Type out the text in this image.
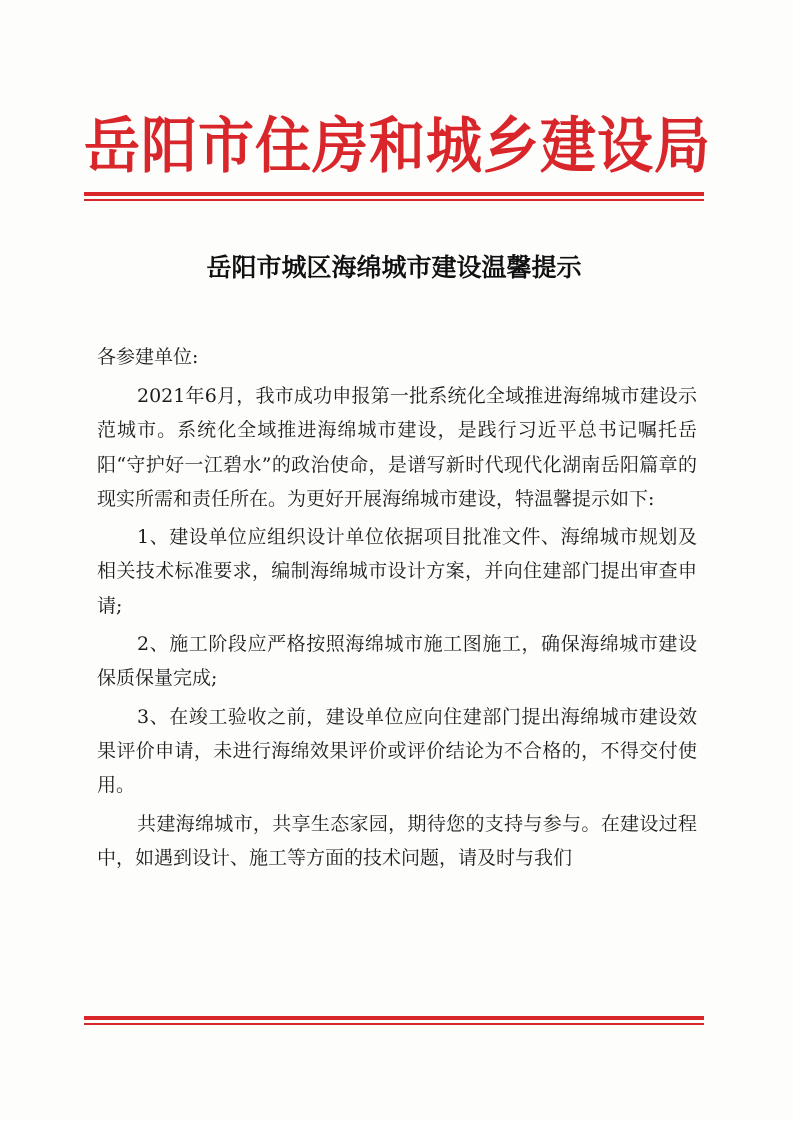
岳阳市住房和城乡建设局
岳阳市城区海绵城市建设温馨提示

各参建单位:

2021年6月，我市成功申报第一批系统化全域推进海绵城市建设示范城市。系统化全域推进海绵城市建设，是践行习近平总书记嘱托岳阳“守护好一江碧水”的政治使命，是谱写新时代现代化湖南岳阳篇章的现实所需和责任所在。为更好开展海绵城市建设，特温馨提示如下:

1、建设单位应组织设计单位依据项目批准文件、海绵城市规划及相关技术标准要求，编制海绵城市设计方案，并向住建部门提出审查申请;

2、施工阶段应严格按照海绵城市施工图施工，确保海绵城市建设保质保量完成;

3、在竣工验收之前，建设单位应向住建部门提出海绵城市建设效果评价申请，未进行海绵效果评价或评价结论为不合格的，不得交付使用。

共建海绵城市，共享生态家园，期待您的支持与参与。在建设过程中，如遇到设计、施工等方面的技术问题，请及时与我们
